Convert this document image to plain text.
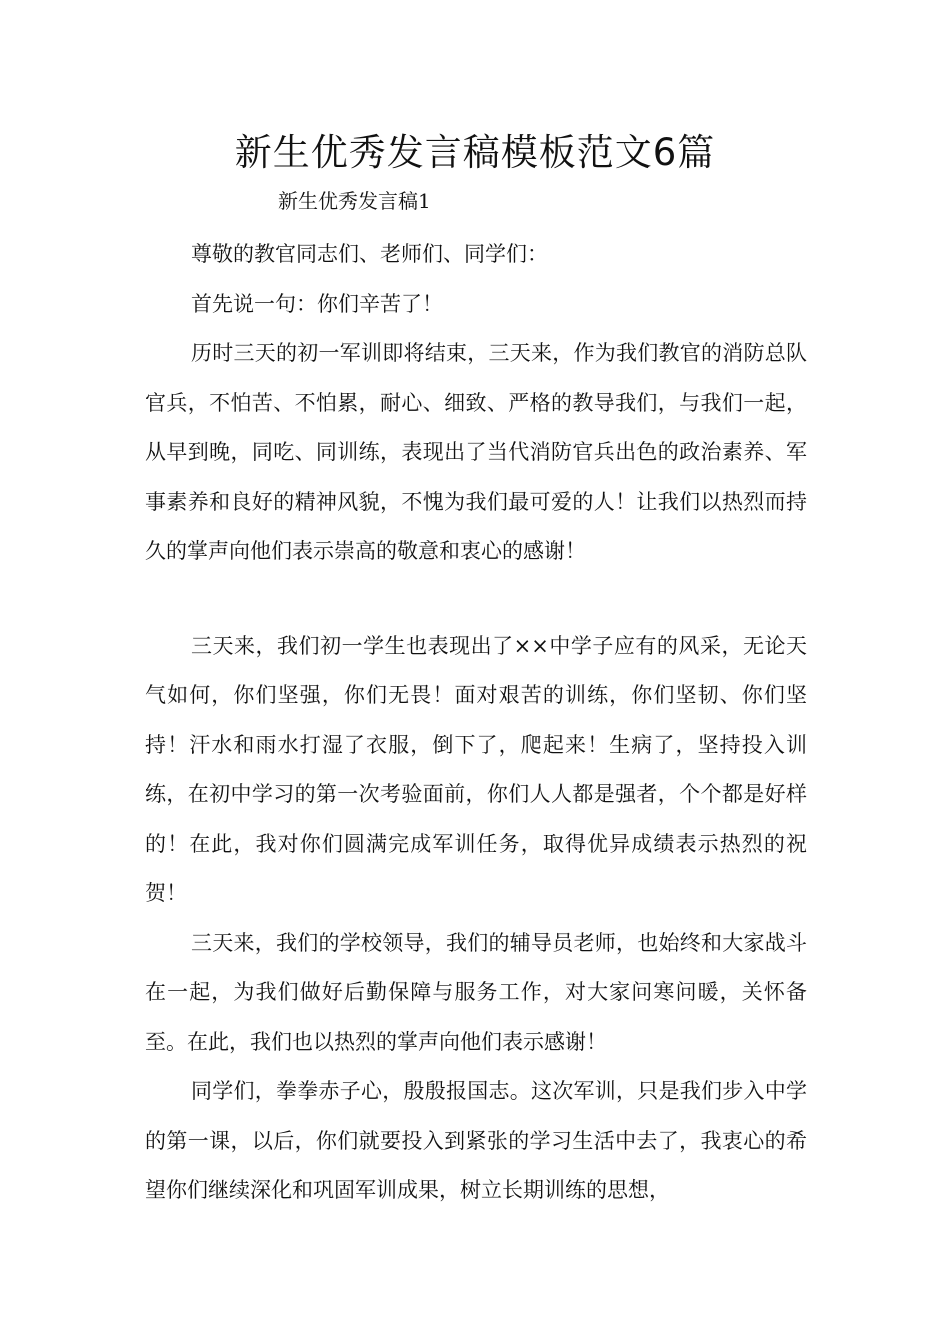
新生优秀发言稿模板范文6篇
新生优秀发言稿1

尊敬的教官同志们、老师们、同学们：

首先说一句：你们辛苦了！

历时三天的初一军训即将结束，三天来，作为我们教官的消防总队官兵，不怕苦、不怕累，耐心、细致、严格的教导我们，与我们一起，从早到晚，同吃、同训练，表现出了当代消防官兵出色的政治素养、军事素养和良好的精神风貌，不愧为我们最可爱的人！让我们以热烈而持久的掌声向他们表示崇高的敬意和衷心的感谢！

三天来，我们初一学生也表现出了××中学子应有的风采，无论天气如何，你们坚强，你们无畏！面对艰苦的训练，你们坚韧、你们坚持！汗水和雨水打湿了衣服，倒下了，爬起来！生病了，坚持投入训练，在初中学习的第一次考验面前，你们人人都是强者，个个都是好样的！在此，我对你们圆满完成军训任务，取得优异成绩表示热烈的祝贺！

三天来，我们的学校领导，我们的辅导员老师，也始终和大家战斗在一起，为我们做好后勤保障与服务工作，对大家问寒问暖，关怀备至。在此，我们也以热烈的掌声向他们表示感谢！

同学们，拳拳赤子心，殷殷报国志。这次军训，只是我们步入中学的第一课，以后，你们就要投入到紧张的学习生活中去了，我衷心的希望你们继续深化和巩固军训成果，树立长期训练的思想，
